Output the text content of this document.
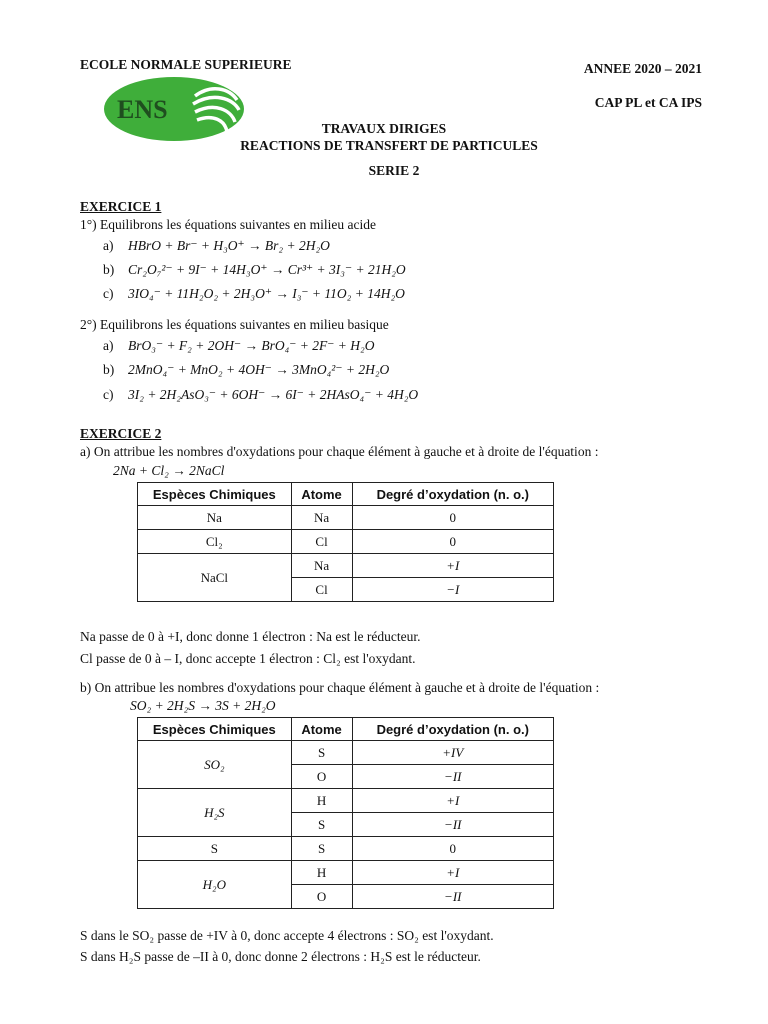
ECOLE NORMALE SUPERIEURE	ANNEE 2020 – 2021
CAP PL et CA IPS
ENS
TRAVAUX DIRIGES
REACTIONS DE TRANSFERT DE PARTICULES
SERIE 2
EXERCICE 1
1°) Equilibrons les équations suivantes en milieu acide
a) HBrO + Br⁻ + H₃O⁺ → Br₂ + 2H₂O
b) Cr₂O₇²⁻ + 9I⁻ + 14H₃O⁺ → Cr³⁺ + 3I₃⁻ + 21H₂O
c) 3IO₄⁻ + 11H₂O₂ + 2H₃O⁺ → I₃⁻ + 11O₂ + 14H₂O
2°) Equilibrons les équations suivantes en milieu basique
a) BrO₃⁻ + F₂ + 2OH⁻ → BrO₄⁻ + 2F⁻ + H₂O
b) 2MnO₄⁻ + MnO₂ + 4OH⁻ → 3MnO₄²⁻ + 2H₂O
c) 3I₂ + 2H₂AsO₃⁻ + 6OH⁻ → 6I⁻ + 2HAsO₄⁻ + 4H₂O
EXERCICE 2
a) On attribue les nombres d'oxydations pour chaque élément à gauche et à droite de l'équation :
2Na + Cl₂ → 2NaCl
Espèces Chimiques	Atome	Degré d’oxydation (n. o.)
Na	Na	0
Cl₂	Cl	0
NaCl	Na	+I
	Cl	−I
Na passe de 0 à +I, donc donne 1 électron : Na est le réducteur.
Cl passe de 0 à – I, donc accepte 1 électron : Cl₂ est l'oxydant.
b) On attribue les nombres d'oxydations pour chaque élément à gauche et à droite de l'équation :
SO₂ + 2H₂S → 3S + 2H₂O
Espèces Chimiques	Atome	Degré d’oxydation (n. o.)
SO₂	S	+IV
	O	−II
H₂S	H	+I
	S	−II
S	S	0
H₂O	H	+I
	O	−II
S dans le SO₂ passe de +IV à 0, donc accepte 4 électrons : SO₂ est l'oxydant.
S dans H₂S passe de –II à 0, donc donne 2 électrons : H₂S est le réducteur.
